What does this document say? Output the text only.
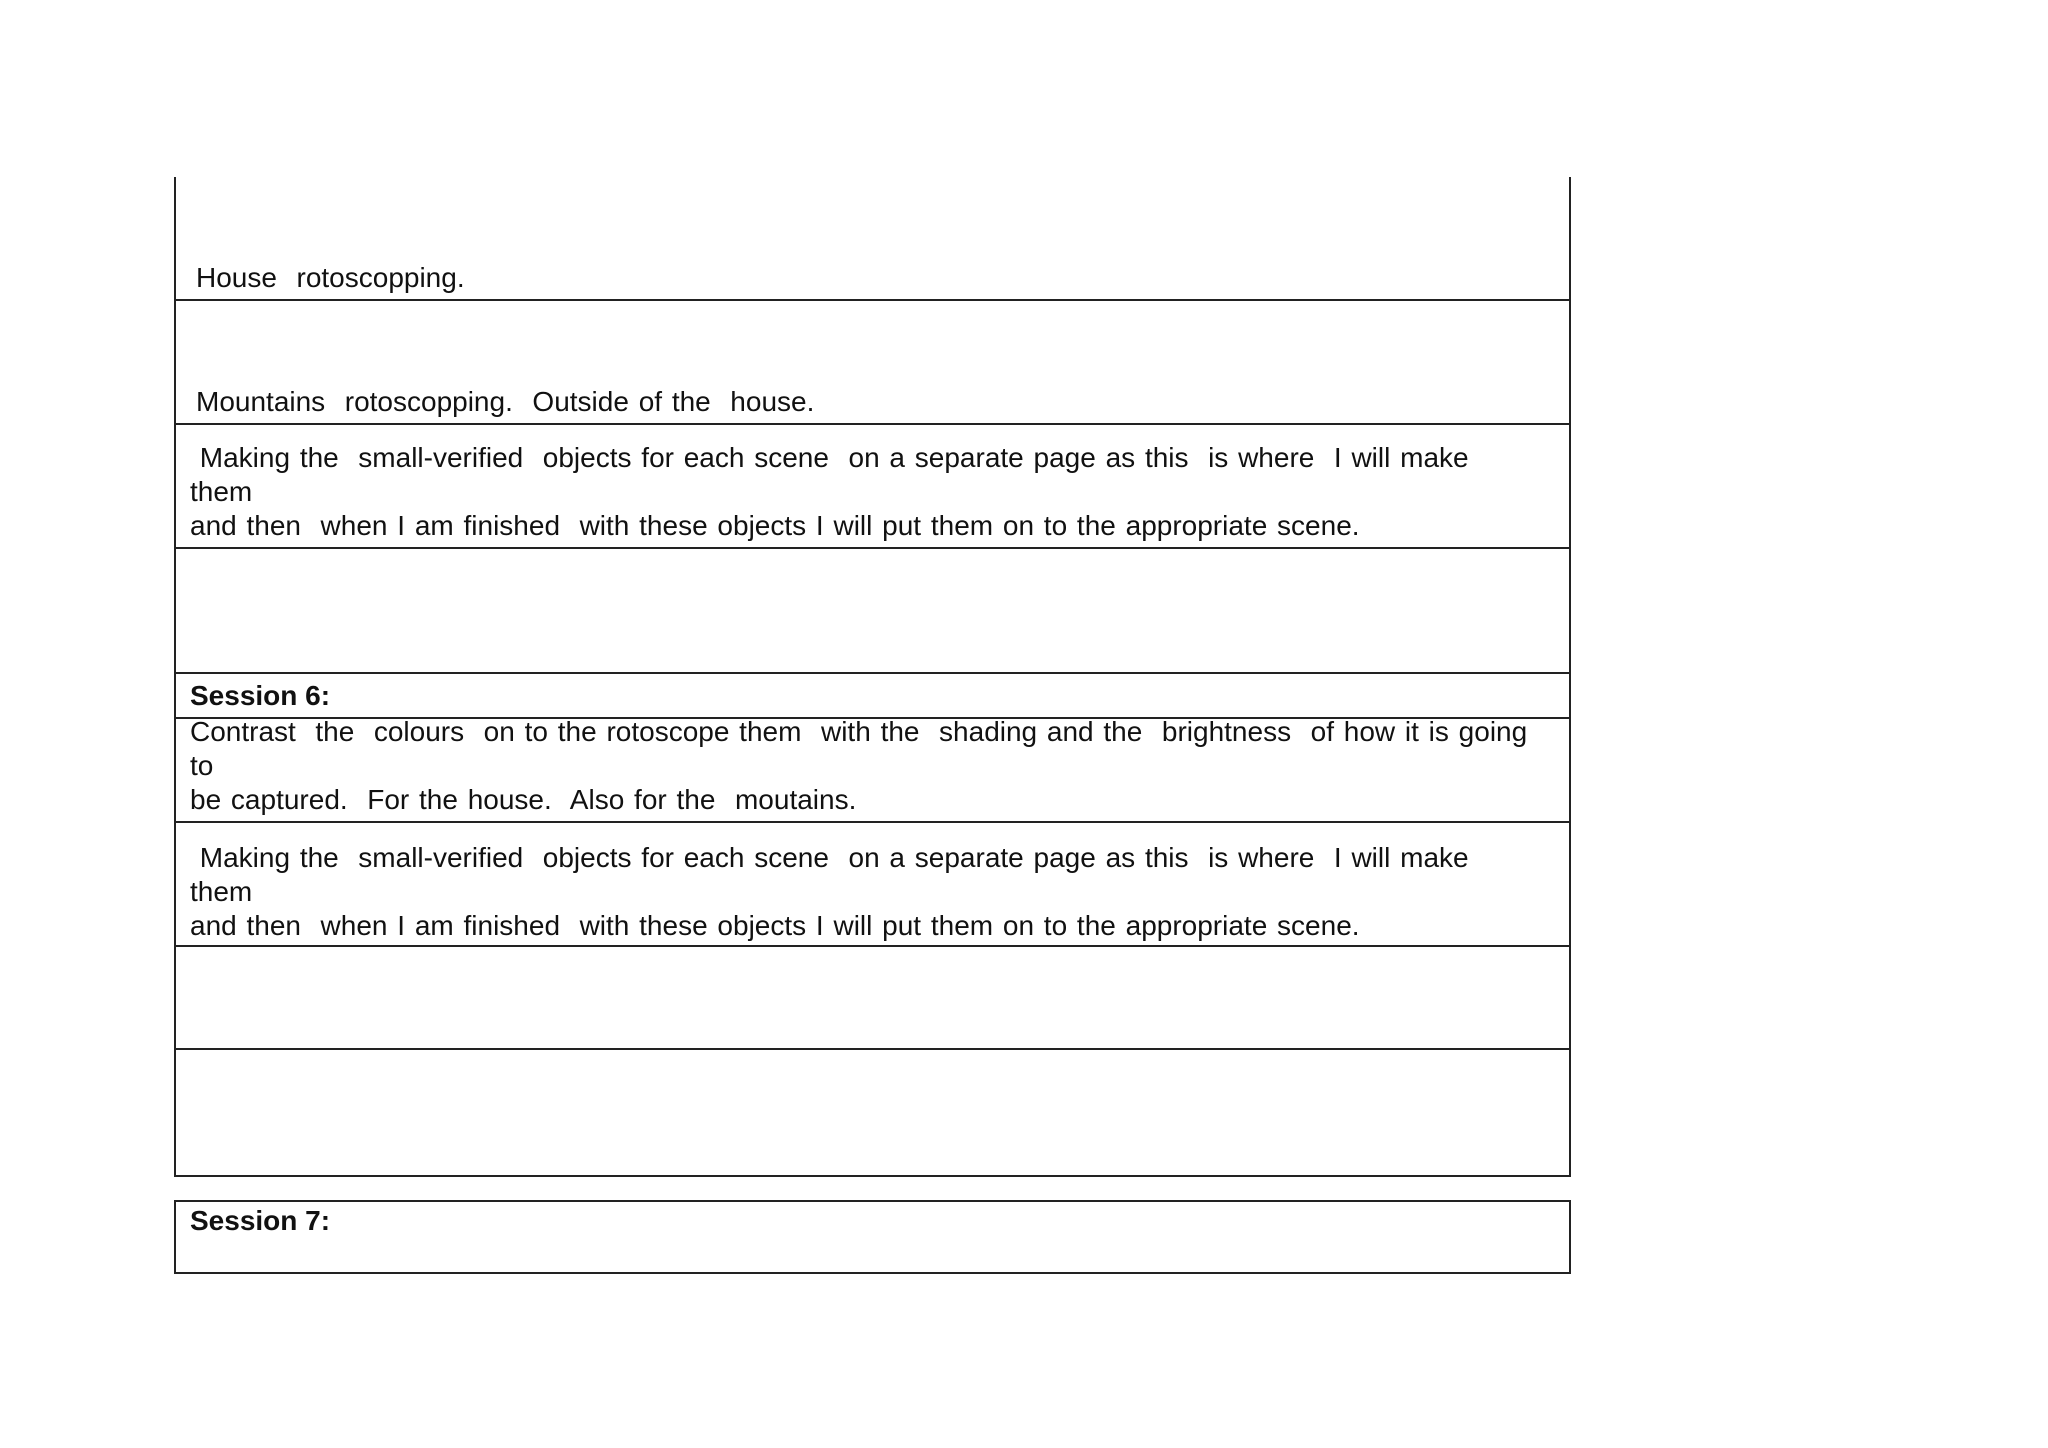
House  rotoscopping.
Mountains  rotoscopping.  Outside of the  house.
Making the  small-verified  objects for each scene  on a separate page as this  is where  I will make them
and then  when I am finished  with these objects I will put them on to the appropriate scene.
Session 6:
Contrast  the  colours  on to the rotoscope them  with the  shading and the  brightness  of how it is going to
be captured.  For the house.  Also for the  moutains.
Making the  small-verified  objects for each scene  on a separate page as this  is where  I will make them
and then  when I am finished  with these objects I will put them on to the appropriate scene.
Session 7:
